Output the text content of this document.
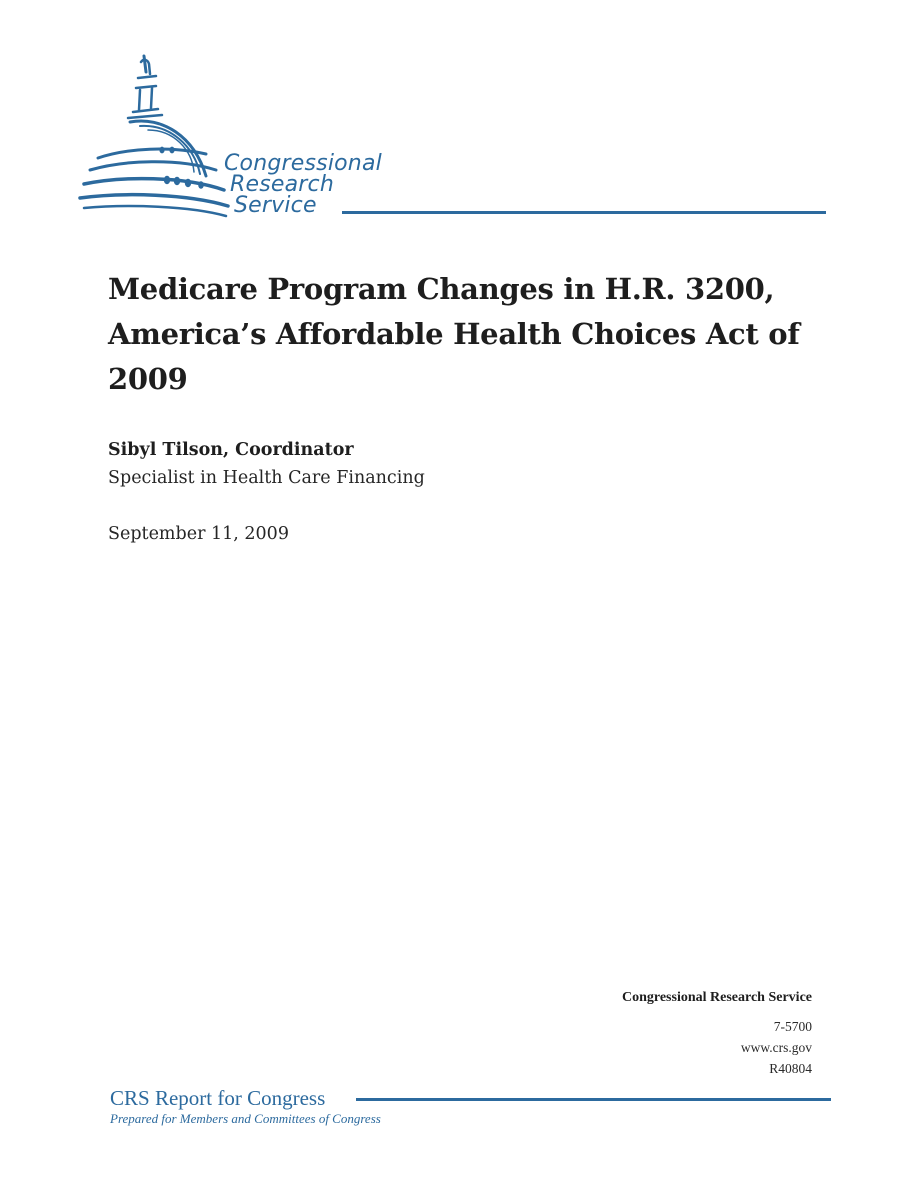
Congressional
Research
Service
Medicare Program Changes in H.R. 3200, America’s Affordable Health Choices Act of 2009
Sibyl Tilson, Coordinator
Specialist in Health Care Financing
September 11, 2009
Congressional Research Service
7-5700
www.crs.gov
R40804
CRS Report for Congress
Prepared for Members and Committees of Congress
